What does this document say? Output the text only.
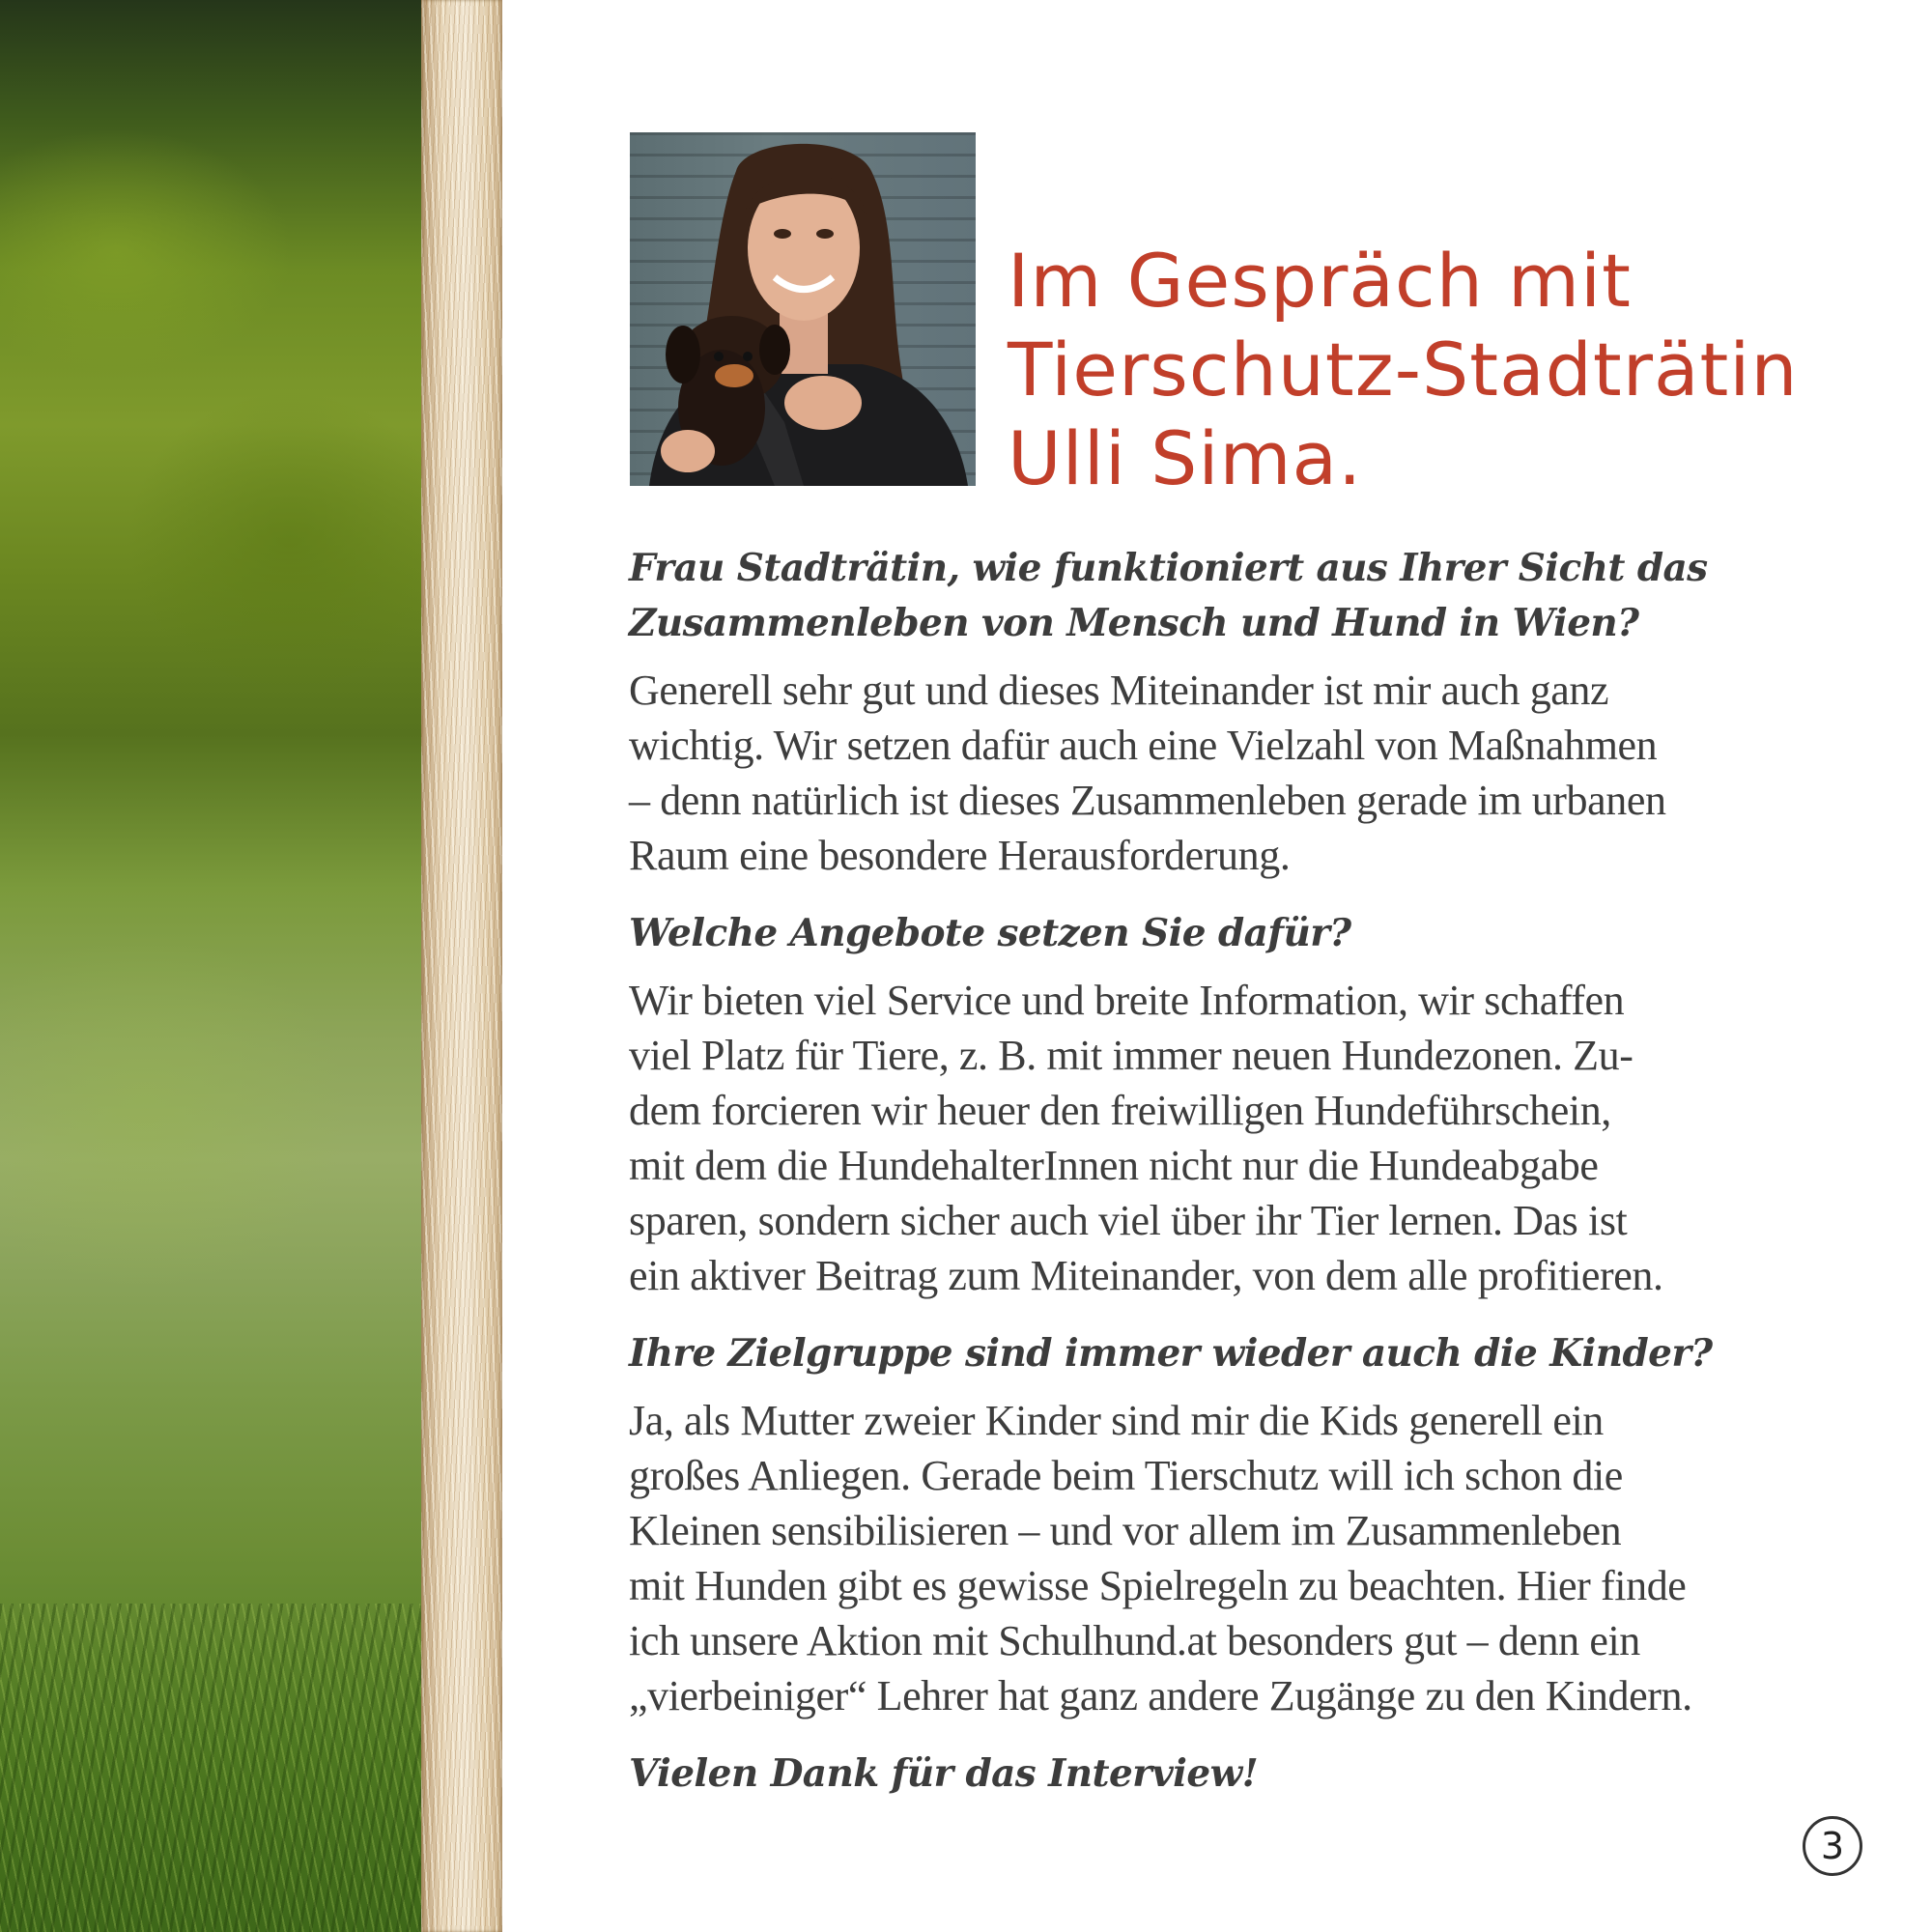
Im Gespräch mit
Tierschutz-Stadträtin
Ulli Sima.
Frau Stadträtin, wie funktioniert aus Ihrer Sicht das
Zusammenleben von Mensch und Hund in Wien?
Generell sehr gut und dieses Miteinander ist mir auch ganz
wichtig. Wir setzen dafür auch eine Vielzahl von Maßnahmen
– denn natürlich ist dieses Zusammenleben gerade im urbanen
Raum eine besondere Herausforderung.
Welche Angebote setzen Sie dafür?
Wir bieten viel Service und breite Information, wir schaffen
viel Platz für Tiere, z. B. mit immer neuen Hundezonen. Zu-
dem forcieren wir heuer den freiwilligen Hundeführschein,
mit dem die HundehalterInnen nicht nur die Hundeabgabe
sparen, sondern sicher auch viel über ihr Tier lernen. Das ist
ein aktiver Beitrag zum Miteinander, von dem alle profitieren.
Ihre Zielgruppe sind immer wieder auch die Kinder?
Ja, als Mutter zweier Kinder sind mir die Kids generell ein
großes Anliegen. Gerade beim Tierschutz will ich schon die
Kleinen sensibilisieren – und vor allem im Zusammenleben
mit Hunden gibt es gewisse Spielregeln zu beachten. Hier finde
ich unsere Aktion mit Schulhund.at besonders gut – denn ein
„vierbeiniger“ Lehrer hat ganz andere Zugänge zu den Kindern.
Vielen Dank für das Interview!
3
